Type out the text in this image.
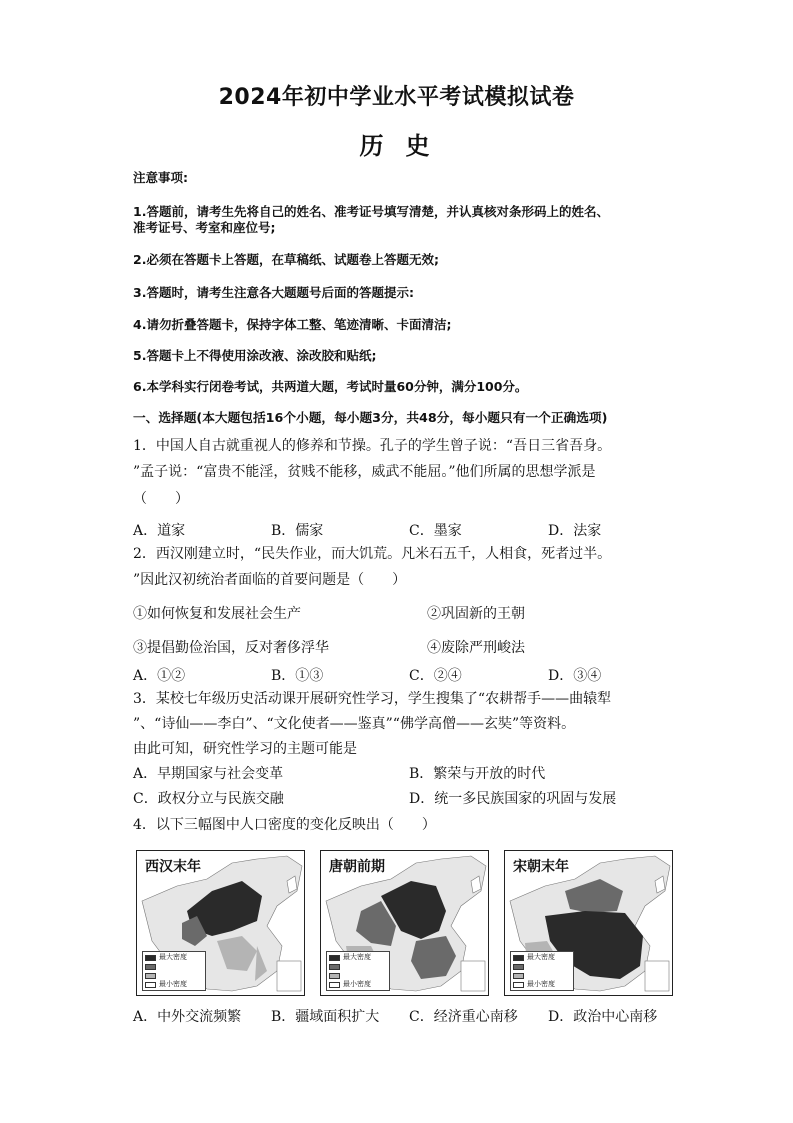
2024年初中学业水平考试模拟试卷
历史
注意事项:
1.答题前，请考生先将自己的姓名、准考证号填写清楚，并认真核对条形码上的姓名、
准考证号、考室和座位号;
2.必须在答题卡上答题，在草稿纸、试题卷上答题无效;
3.答题时，请考生注意各大题题号后面的答题提示:
4.请勿折叠答题卡，保持字体工整、笔迹清晰、卡面清洁;
5.答题卡上不得使用涂改液、涂改胶和贴纸;
6.本学科实行闭卷考试，共两道大题，考试时量60分钟，满分100分。
一、选择题(本大题包括16个小题，每小题3分，共48分，每小题只有一个正确选项)
1．中国人自古就重视人的修养和节操。孔子的学生曾子说：“吾日三省吾身。
”孟子说：“富贵不能淫，贫贱不能移，威武不能屈。”他们所属的思想学派是
（　　）
A．道家	B．儒家	C．墨家	D．法家
2．西汉刚建立时，“民失作业，而大饥荒。凡米石五千，人相食，死者过半。
”因此汉初统治者面临的首要问题是（　　）
①如何恢复和发展社会生产	②巩固新的王朝
③提倡勤俭治国，反对奢侈浮华	④废除严刑峻法
A．①②	B．①③	C．②④	D．③④
3．某校七年级历史活动课开展研究性学习，学生搜集了“农耕帮手——曲辕犁
”、“诗仙——李白”、“文化使者——鉴真”“佛学高僧——玄奘”等资料。
由此可知，研究性学习的主题可能是
A．早期国家与社会变革	B．繁荣与开放的时代
C．政权分立与民族交融	D．统一多民族国家的巩固与发展
4．以下三幅图中人口密度的变化反映出（　　）
西汉末年
最大密度
最小密度
唐朝前期
最大密度
最小密度
宋朝末年
最大密度
最小密度
A．中外交流频繁 B．疆域面积扩大 C．经济重心南移 D．政治中心南移
